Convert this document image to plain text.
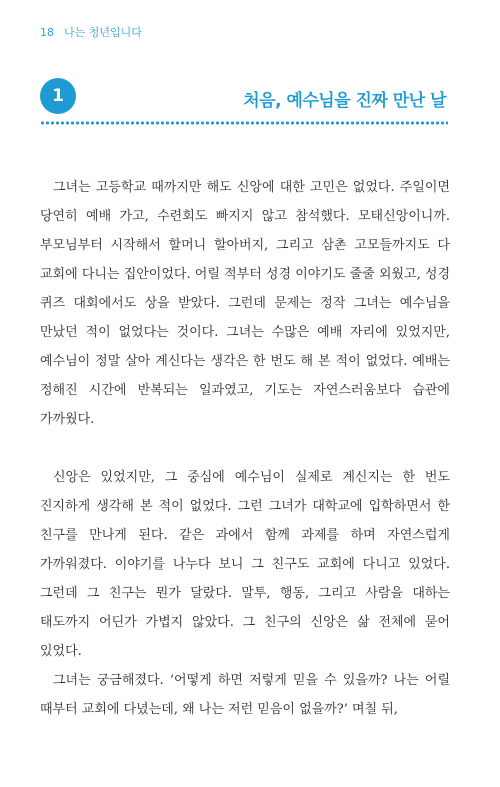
18 나는 청년입니다
1	처음, 예수님을 진짜 만난 날

그녀는 고등학교 때까지만 해도 신앙에 대한 고민은 없었다. 주일이면 당연히 예배 가고, 수련회도 빠지지 않고 참석했다. 모태신앙이니까. 부모님부터 시작해서 할머니 할아버지, 그리고 삼촌 고모들까지도 다 교회에 다니는 집안이었다. 어릴 적부터 성경 이야기도 줄줄 외웠고, 성경 퀴즈 대회에서도 상을 받았다. 그런데 문제는 정작 그녀는 예수님을 만났던 적이 없었다는 것이다. 그녀는 수많은 예배 자리에 있었지만, 예수님이 정말 살아 계신다는 생각은 한 번도 해 본 적이 없었다. 예배는 정해진 시간에 반복되는 일과였고, 기도는 자연스러움보다 습관에 가까웠다.

신앙은 있었지만, 그 중심에 예수님이 실제로 계신지는 한 번도 진지하게 생각해 본 적이 없었다. 그런 그녀가 대학교에 입학하면서 한 친구를 만나게 된다. 같은 과에서 함께 과제를 하며 자연스럽게 가까워졌다. 이야기를 나누다 보니 그 친구도 교회에 다니고 있었다. 그런데 그 친구는 뭔가 달랐다. 말투, 행동, 그리고 사람을 대하는 태도까지 어딘가 가볍지 않았다. 그 친구의 신앙은 삶 전체에 묻어 있었다.

그녀는 궁금해졌다. ‘어떻게 하면 저렇게 믿을 수 있을까? 나는 어릴 때부터 교회에 다녔는데, 왜 나는 저런 믿음이 없을까?’ 며칠 뒤,
